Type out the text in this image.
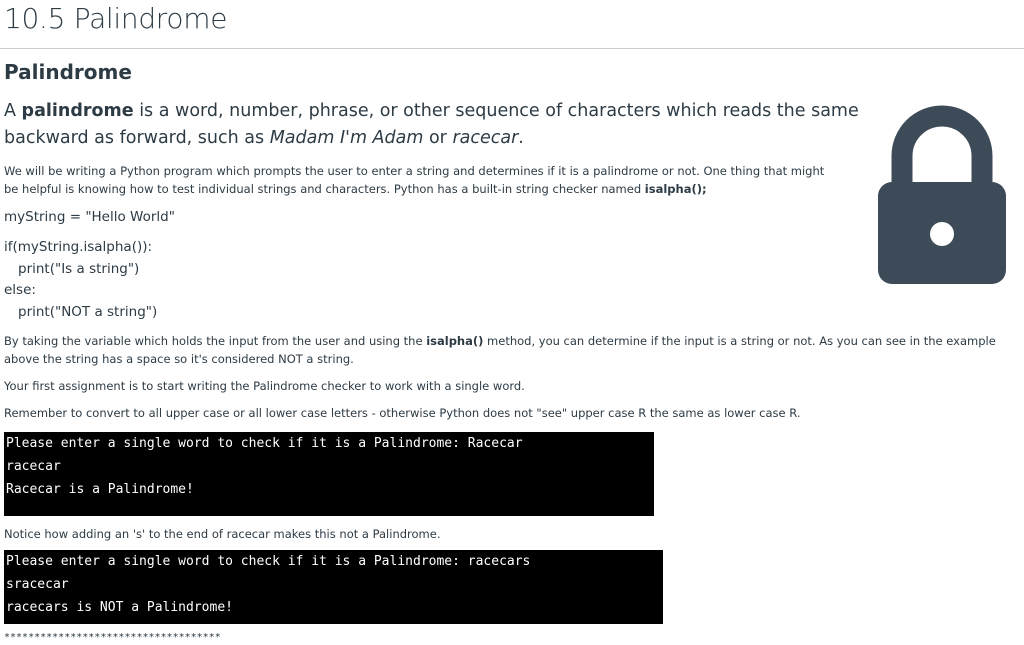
10.5 Palindrome
Palindrome
A palindrome is a word, number, phrase, or other sequence of characters which reads the same backward as forward, such as Madam I'm Adam or racecar.
We will be writing a Python program which prompts the user to enter a string and determines if it is a palindrome or not. One thing that might be helpful is knowing how to test individual strings and characters. Python has a built-in string checker named isalpha();
myString = "Hello World"
if(myString.isalpha()):
print("Is a string")
else:
print("NOT a string")
By taking the variable which holds the input from the user and using the isalpha() method, you can determine if the input is a string or not. As you can see in the example above the string has a space so it's considered NOT a string.
Your first assignment is to start writing the Palindrome checker to work with a single word.
Remember to convert to all upper case or all lower case letters - otherwise Python does not "see" upper case R the same as lower case R.
Please enter a single word to check if it is a Palindrome: Racecar
racecar
Racecar is a Palindrome!
Notice how adding an 's' to the end of racecar makes this not a Palindrome.
Please enter a single word to check if it is a Palindrome: racecars
sracecar
racecars is NOT a Palindrome!
************************************
